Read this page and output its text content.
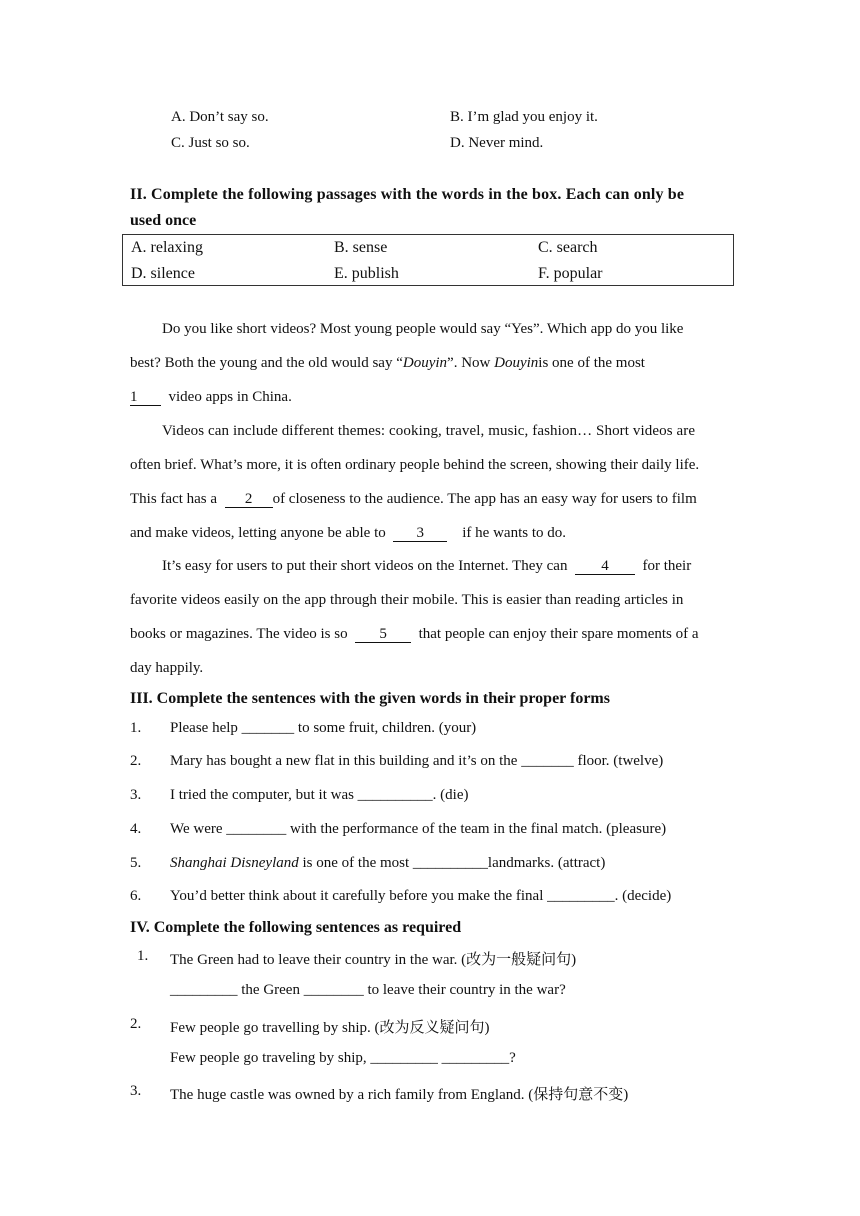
A. Don’t say so.	B. I’m glad you enjoy it.
C. Just so so.	D. Never mind.
II. Complete the following passages with the words in the box. Each can only be
used once
A. relaxing	B. sense	C. search
D. silence	E. publish	F. popular
Do you like short videos? Most young people would say “Yes”. Which app do you like
best? Both the young and the old would say “Douyin”. Now Douyinis one of the most
1 video apps in China.
Videos can include different themes: cooking, travel, music, fashion… Short videos are
often brief. What’s more, it is often ordinary people behind the screen, showing their daily life.
This fact has a 2 of closeness to the audience. The app has an easy way for users to film
and make videos, letting anyone be able to 3	if he wants to do.
It’s easy for users to put their short videos on the Internet. They can 4 for their
favorite videos easily on the app through their mobile. This is easier than reading articles in
books or magazines. The video is so 5 that people can enjoy their spare moments of a
day happily.
III. Complete the sentences with the given words in their proper forms
1. Please help _______ to some fruit, children. (your)
2. Mary has bought a new flat in this building and it’s on the _______ floor. (twelve)
3. I tried the computer, but it was __________. (die)
4. We were ________ with the performance of the team in the final match. (pleasure)
5. Shanghai Disneyland is one of the most __________landmarks. (attract)
6. You’d better think about it carefully before you make the final _________. (decide)
IV. Complete the following sentences as required
1. The Green had to leave their country in the war. (改为一般疑问句)
_________ the Green ________ to leave their country in the war?
2. Few people go travelling by ship. (改为反义疑问句)
Few people go traveling by ship, _________ _________?
3. The huge castle was owned by a rich family from England. (保持句意不变)
